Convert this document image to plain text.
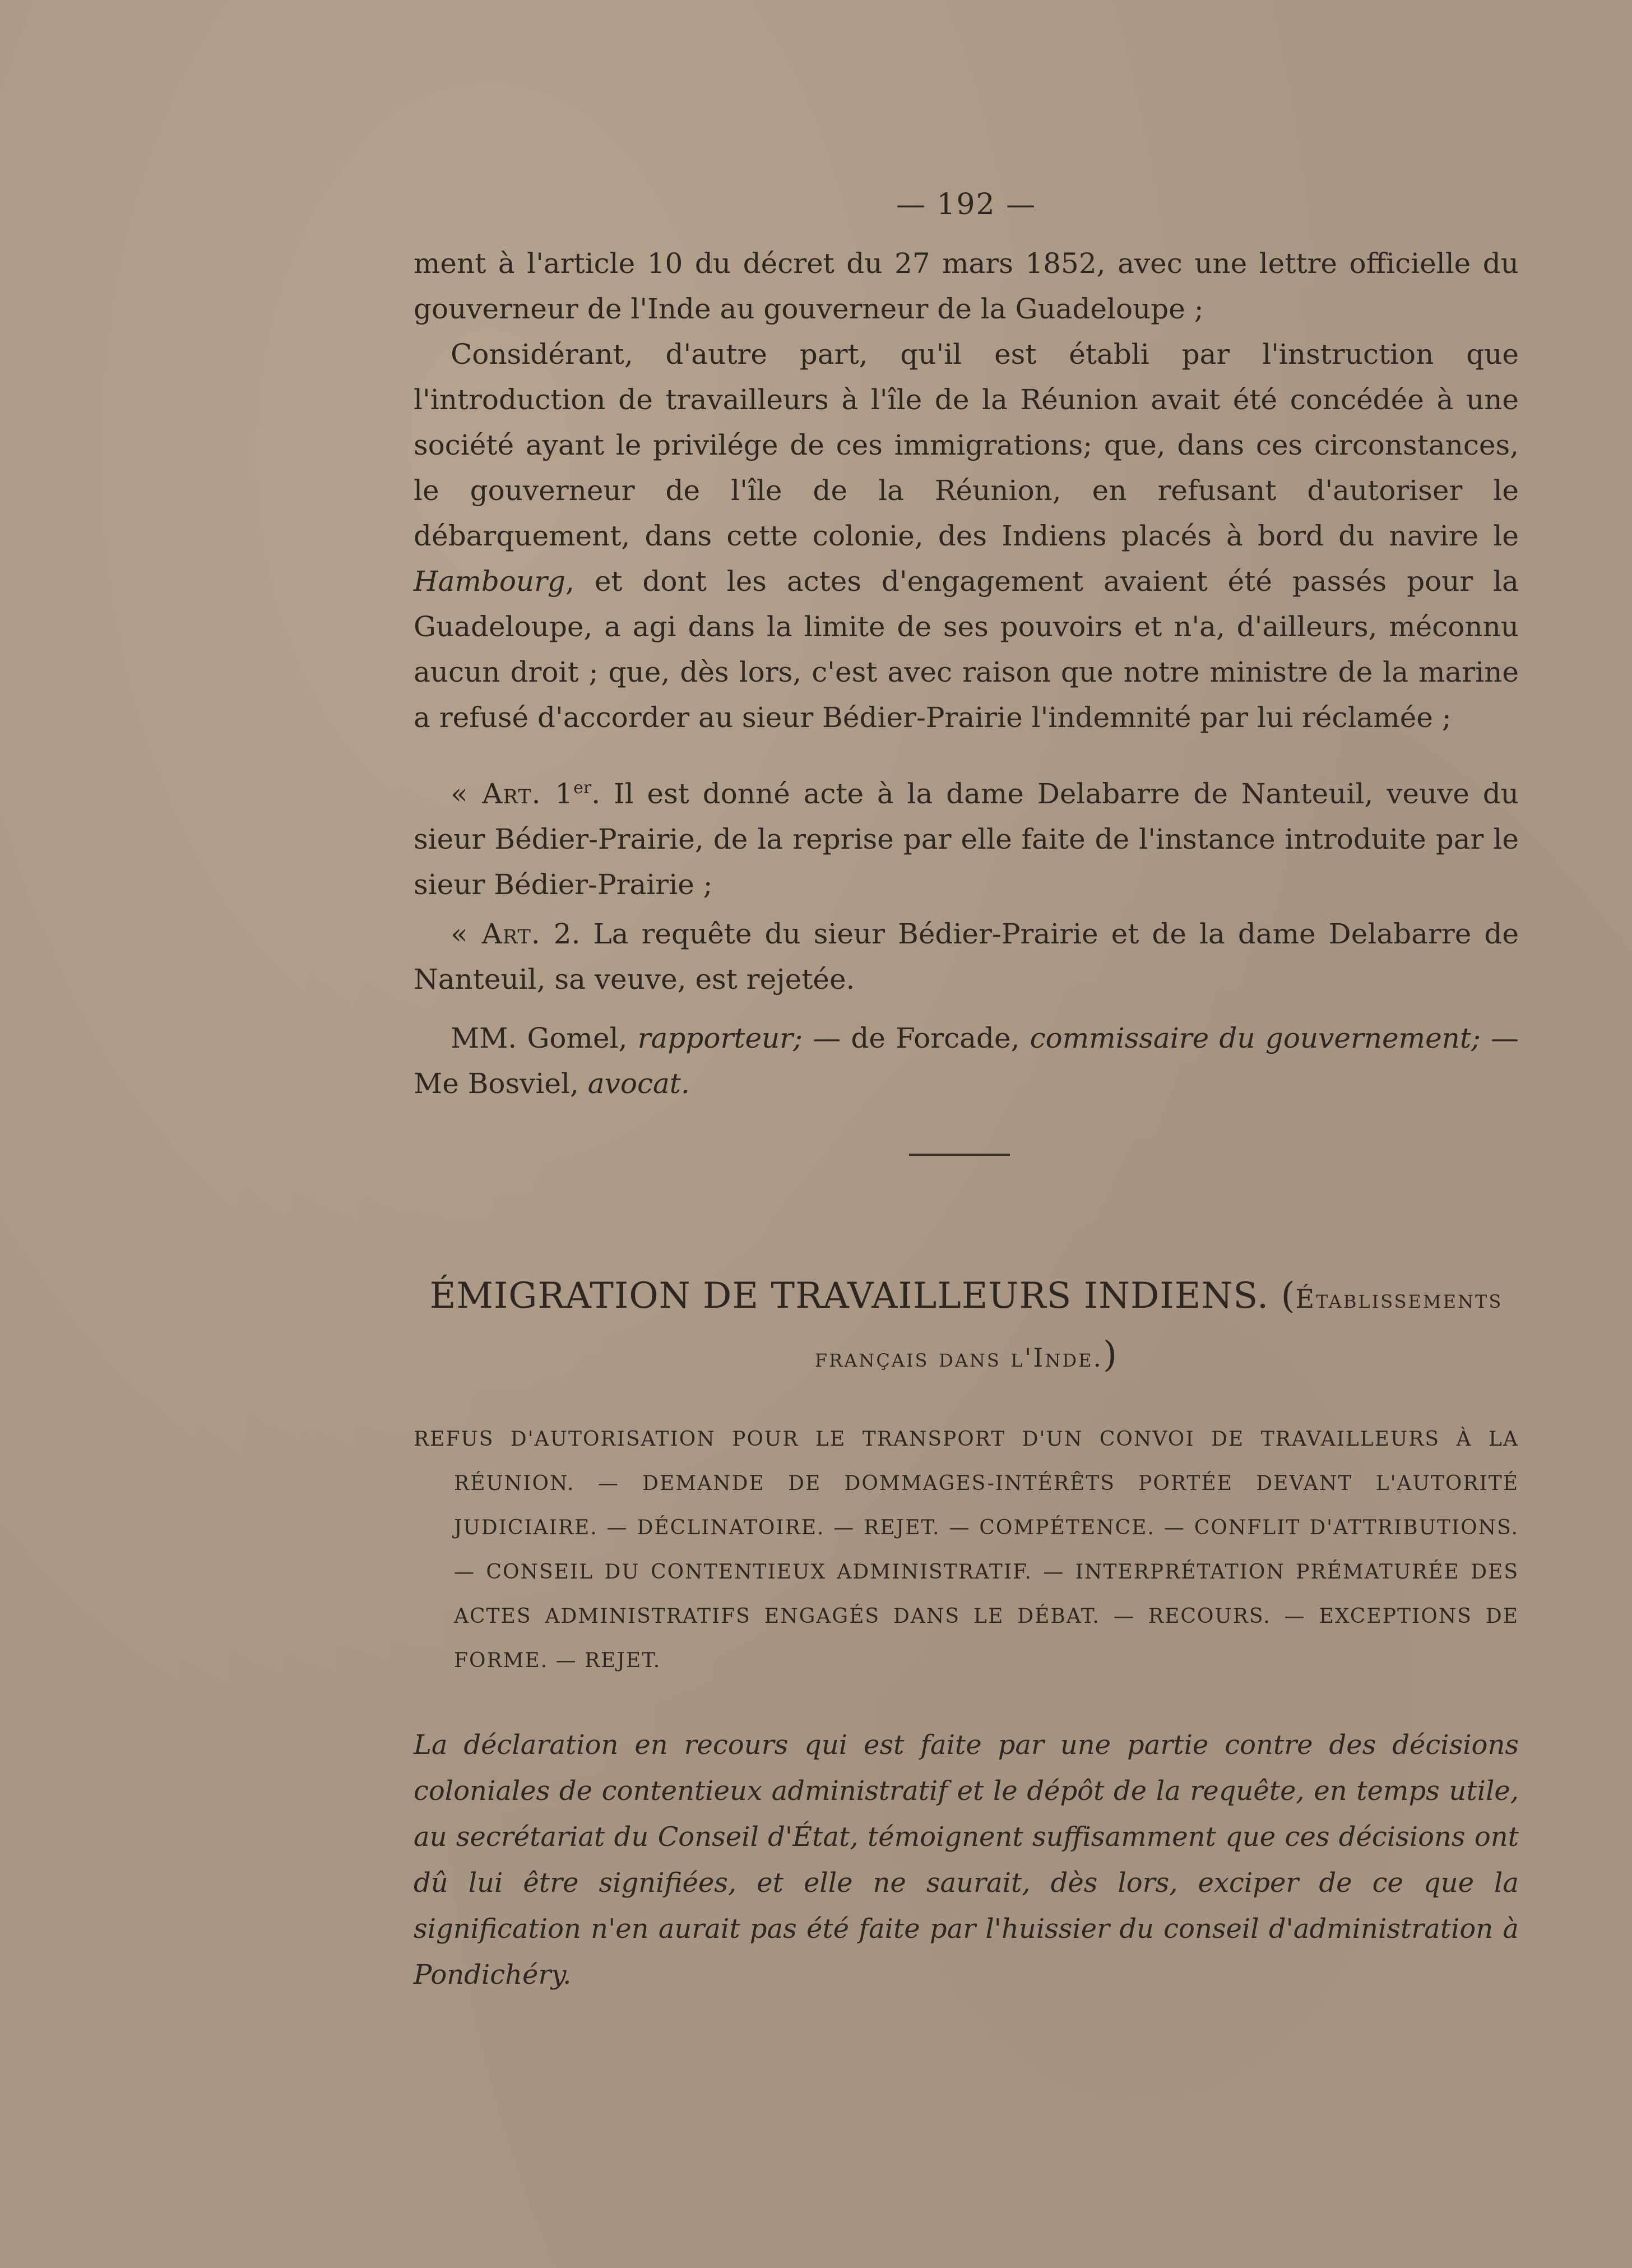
— 192 —
ment à l'article 10 du décret du 27 mars 1852, avec une lettre officielle du gouverneur de l'Inde au gouverneur de la Guadeloupe ;
Considérant, d'autre part, qu'il est établi par l'instruction que l'introduction de travailleurs à l'île de la Réunion avait été concédée à une société ayant le privilége de ces immigrations; que, dans ces circonstances, le gouverneur de l'île de la Réunion, en refusant d'autoriser le débarquement, dans cette colonie, des Indiens placés à bord du navire le Hambourg, et dont les actes d'engagement avaient été passés pour la Guadeloupe, a agi dans la limite de ses pouvoirs et n'a, d'ailleurs, méconnu aucun droit ; que, dès lors, c'est avec raison que notre ministre de la marine a refusé d'accorder au sieur Bédier-Prairie l'indemnité par lui réclamée ;
« Art. 1er. Il est donné acte à la dame Delabarre de Nanteuil, veuve du sieur Bédier-Prairie, de la reprise par elle faite de l'instance introduite par le sieur Bédier-Prairie ;
« Art. 2. La requête du sieur Bédier-Prairie et de la dame Delabarre de Nanteuil, sa veuve, est rejetée.
MM. Gomel, rapporteur; — de Forcade, commissaire du gouvernement; — Me Bosviel, avocat.
ÉMIGRATION DE TRAVAILLEURS INDIENS. (Établissements
français dans l'Inde.)
REFUS D'AUTORISATION POUR LE TRANSPORT D'UN CONVOI DE TRAVAILLEURS À LA RÉUNION. — DEMANDE DE DOMMAGES-INTÉRÊTS PORTÉE DEVANT L'AUTORITÉ JUDICIAIRE. — DÉCLINATOIRE. — REJET. — COMPÉTENCE. — CONFLIT D'ATTRIBUTIONS. — CONSEIL DU CONTENTIEUX ADMINISTRATIF. — INTERPRÉTATION PRÉMATURÉE DES ACTES ADMINISTRATIFS ENGAGÉS DANS LE DÉBAT. — RECOURS. — EXCEPTIONS DE FORME. — REJET.
La déclaration en recours qui est faite par une partie contre des décisions coloniales de contentieux administratif et le dépôt de la requête, en temps utile, au secrétariat du Conseil d'État, témoignent suffisamment que ces décisions ont dû lui être signifiées, et elle ne saurait, dès lors, exciper de ce que la signification n'en aurait pas été faite par l'huissier du conseil d'administration à Pondichéry.
